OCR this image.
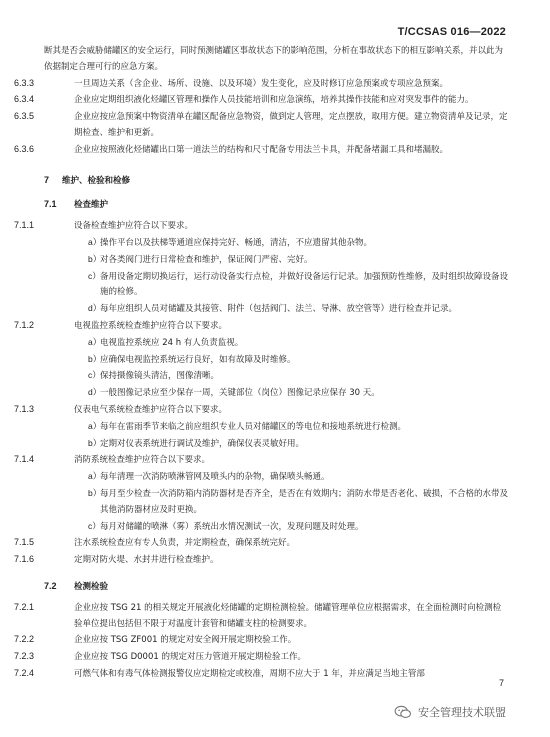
T/CCSAS 016—2022

断其是否会威胁储罐区的安全运行，同时预测储罐区事故状态下的影响范围，分析在事故状态下的相互影响关系，并以此为依据制定合理可行的应急方案。

6.3.3	一旦周边关系（含企业、场所、设施、以及环境）发生变化，应及时修订应急预案或专项应急预案。

6.3.4	企业应定期组织液化烃罐区管理和操作人员技能培训和应急演练，培养其操作技能和应对突发事件的能力。

6.3.5	企业应按应急预案中物资清单在罐区配备应急物资，做到定人管理，定点摆放，取用方便。建立物资清单及记录，定期检查、维护和更新。

6.3.6	企业应按照液化烃储罐出口第一道法兰的结构和尺寸配备专用法兰卡具，并配备堵漏工具和堵漏胶。

7 维护、检验和检修

7.1 检查维护

7.1.1	设备检查维护应符合以下要求。

a）操作平台以及扶梯等通道应保持完好、畅通，清洁，不应遗留其他杂物。

b）对各类阀门进行日常检查和维护，保证阀门严密、完好。

c）备用设备定期切换运行，运行动设备实行点检，并做好设备运行记录。加强预防性维修，及时组织故障设备设施的检修。

d）每年应组织人员对储罐及其接管、附件（包括阀门、法兰、导淋、放空管等）进行检查并记录。

7.1.2	电视监控系统检查维护应符合以下要求。

a）电视监控系统应 24 h 有人负责监视。

b）应确保电视监控系统运行良好，如有故障及时维修。

c）保持摄像镜头清洁，图像清晰。

d）一般图像记录应至少保存一周，关键部位（岗位）图像记录应保存 30 天。

7.1.3	仪表电气系统检查维护应符合以下要求。

a）每年在雷雨季节来临之前应组织专业人员对储罐区的等电位和接地系统进行检测。

b）定期对仪表系统进行调试及维护，确保仪表灵敏好用。

7.1.4	消防系统检查维护应符合以下要求。

a）每年清理一次消防喷淋管网及喷头内的杂物，确保喷头畅通。

b）每月至少检查一次消防箱内消防器材是否齐全，是否在有效期内；消防水带是否老化、破损，不合格的水带及其他消防器材应及时更换。

c）每月对储罐的喷淋（雾）系统出水情况测试一次，发现问题及时处理。

7.1.5	注水系统检查应有专人负责，并定期检查，确保系统完好。

7.1.6	定期对防火堤、水封井进行检查维护。

7.2 检测检验

7.2.1	企业应按 TSG 21 的相关规定开展液化烃储罐的定期检测检验。储罐管理单位应根据需求，在全面检测时向检测检验单位提出包括但不限于对温度计套管和储罐支柱的检测要求。

7.2.2	企业应按 TSG ZF001 的规定对安全阀开展定期校验工作。

7.2.3	企业应按 TSG D0001 的规定对压力管道开展定期检验工作。

7.2.4	可燃气体和有毒气体检测报警仪应定期检定或校准，周期不应大于 1 年，并应满足当地主管部

7
安全管理技术联盟
